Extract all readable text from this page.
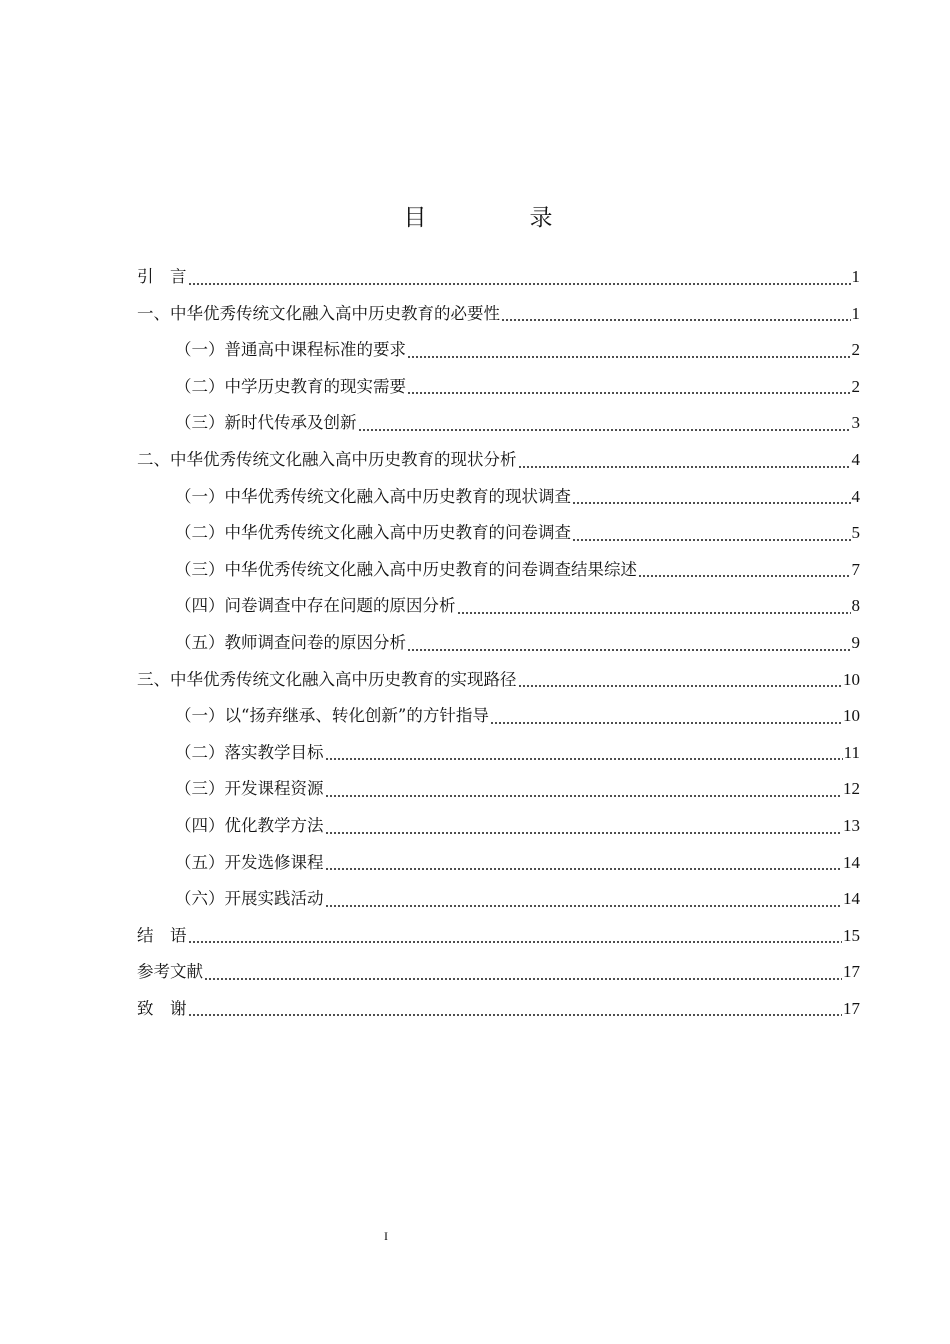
目　录
引　言	1
一、中华优秀传统文化融入高中历史教育的必要性	1
（一）普通高中课程标准的要求	2
（二）中学历史教育的现实需要	2
（三）新时代传承及创新	3
二、中华优秀传统文化融入高中历史教育的现状分析	4
（一）中华优秀传统文化融入高中历史教育的现状调查	4
（二）中华优秀传统文化融入高中历史教育的问卷调查	5
（三）中华优秀传统文化融入高中历史教育的问卷调查结果综述	7
（四）问卷调查中存在问题的原因分析	8
（五）教师调查问卷的原因分析	9
三、中华优秀传统文化融入高中历史教育的实现路径	10
（一）以“扬弃继承、转化创新”的方针指导	10
（二）落实教学目标	11
（三）开发课程资源	12
（四）优化教学方法	13
（五）开发选修课程	14
（六）开展实践活动	14
结　语	15
参考文献	17
致　谢	17
I
